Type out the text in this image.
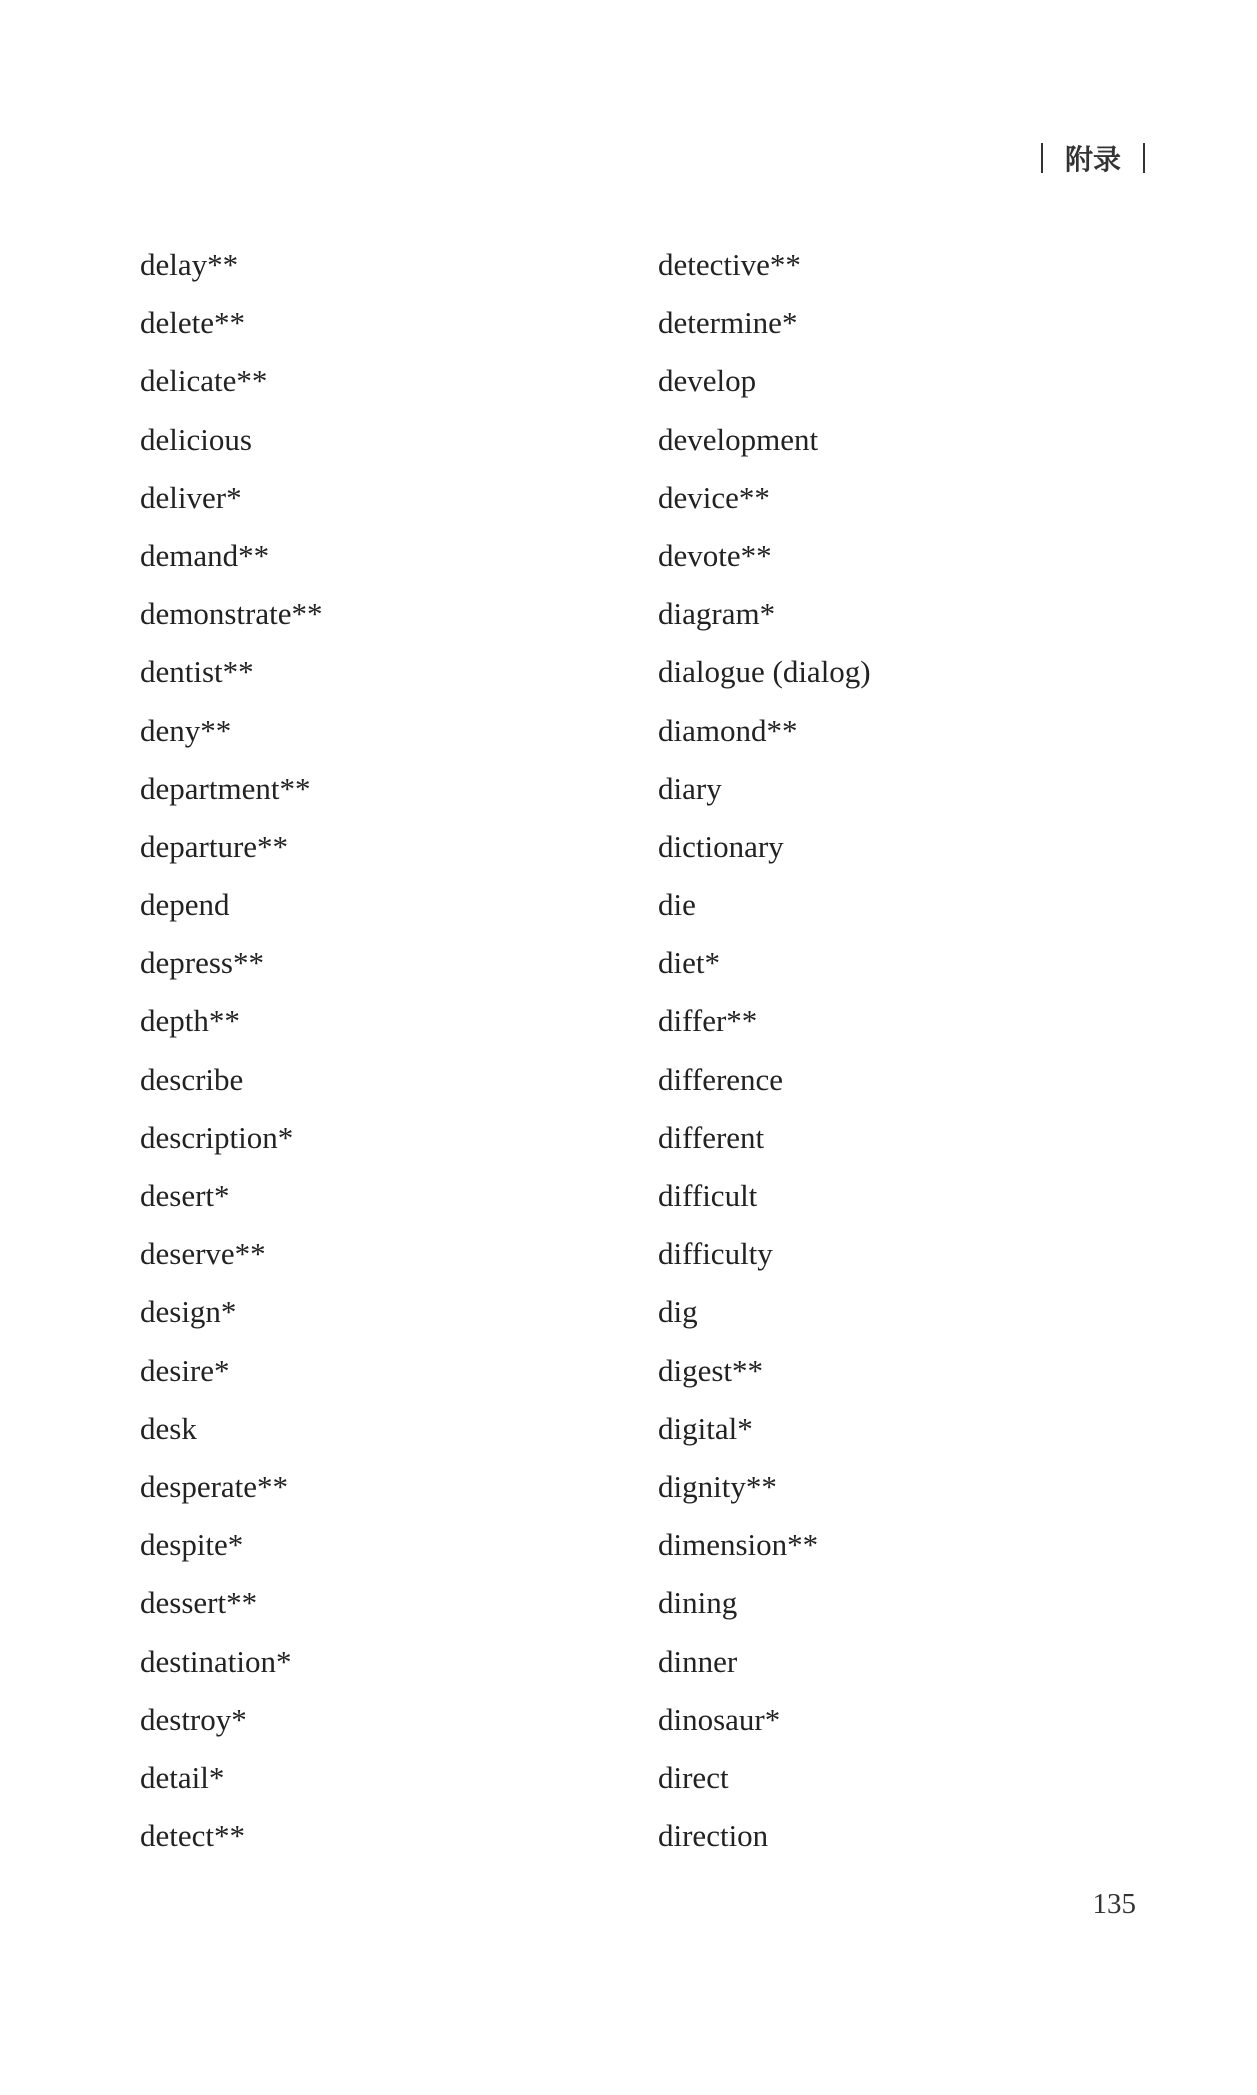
附录
delay**
delete**
delicate**
delicious
deliver*
demand**
demonstrate**
dentist**
deny**
department**
departure**
depend
depress**
depth**
describe
description*
desert*
deserve**
design*
desire*
desk
desperate**
despite*
dessert**
destination*
destroy*
detail*
detect**
detective**
determine*
develop
development
device**
devote**
diagram*
dialogue (dialog)
diamond**
diary
dictionary
die
diet*
differ**
difference
different
difficult
difficulty
dig
digest**
digital*
dignity**
dimension**
dining
dinner
dinosaur*
direct
direction
135
